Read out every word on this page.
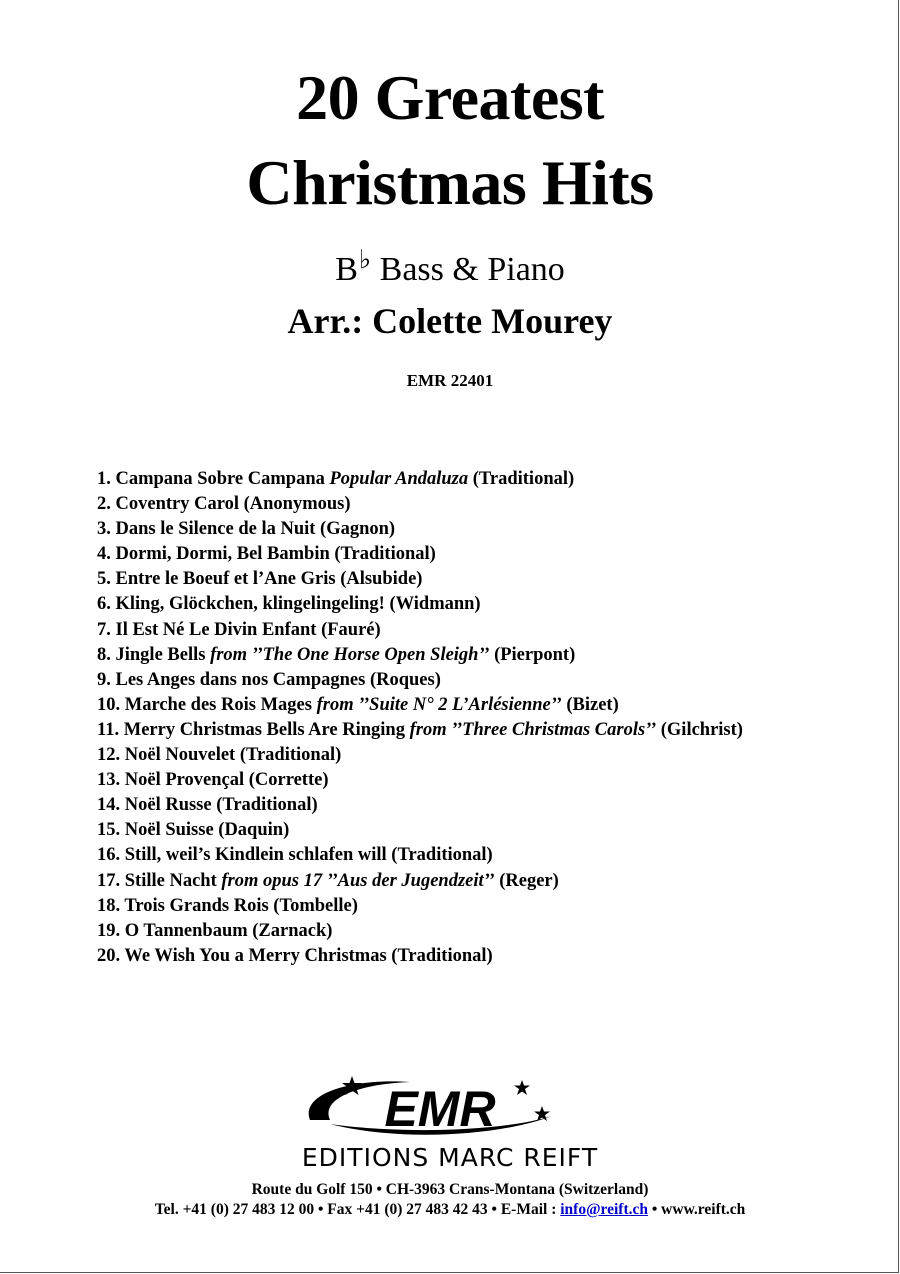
20 Greatest
Christmas Hits
B♭ Bass & Piano
Arr.: Colette Mourey
EMR 22401
1. Campana Sobre Campana Popular Andaluza (Traditional)
2. Coventry Carol (Anonymous)
3. Dans le Silence de la Nuit (Gagnon)
4. Dormi, Dormi, Bel Bambin (Traditional)
5. Entre le Boeuf et l’Ane Gris (Alsubide)
6. Kling, Glöckchen, klingelingeling! (Widmann)
7. Il Est Né Le Divin Enfant (Fauré)
8. Jingle Bells from ’’The One Horse Open Sleigh’’ (Pierpont)
9. Les Anges dans nos Campagnes (Roques)
10. Marche des Rois Mages from ’’Suite N° 2 L’Arlésienne’’ (Bizet)
11. Merry Christmas Bells Are Ringing from ’’Three Christmas Carols’’ (Gilchrist)
12. Noël Nouvelet (Traditional)
13. Noël Provençal (Corrette)
14. Noël Russe (Traditional)
15. Noël Suisse (Daquin)
16. Still, weil’s Kindlein schlafen will (Traditional)
17. Stille Nacht from opus 17 ’’Aus der Jugendzeit’’ (Reger)
18. Trois Grands Rois (Tombelle)
19. O Tannenbaum (Zarnack)
20. We Wish You a Merry Christmas (Traditional)
EMR
EDITIONS MARC REIFT
Route du Golf 150 • CH-3963 Crans-Montana (Switzerland)
Tel. +41 (0) 27 483 12 00 • Fax +41 (0) 27 483 42 43 • E-Mail : info@reift.ch • www.reift.ch
